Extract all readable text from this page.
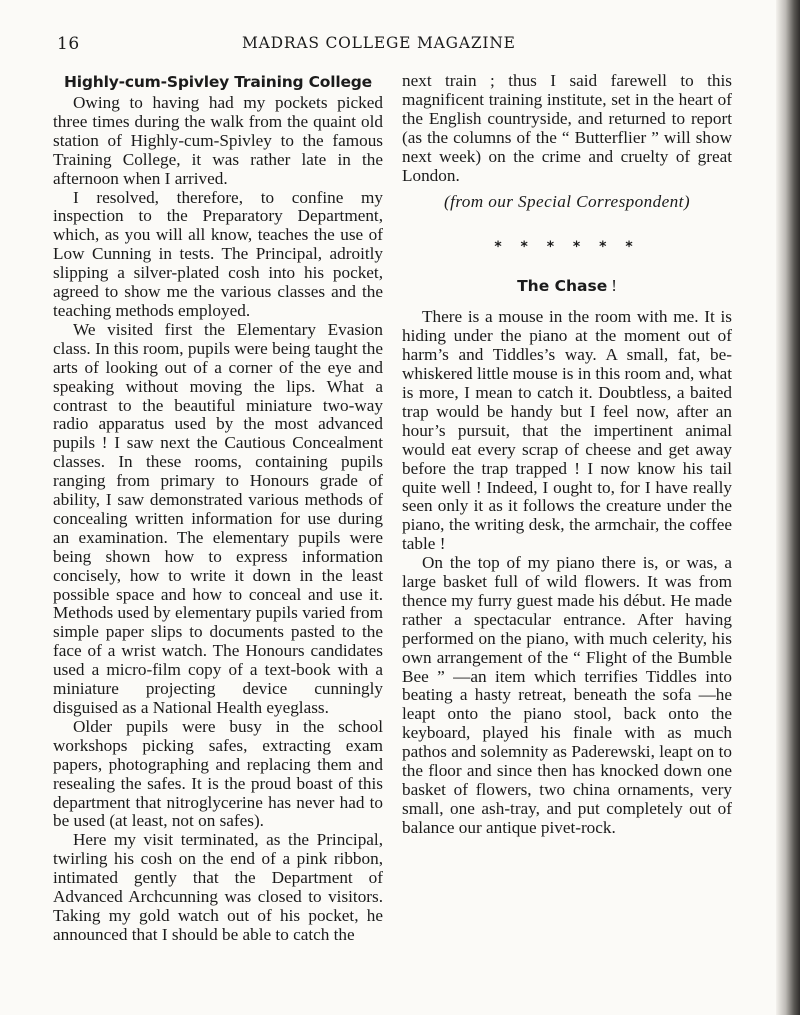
16	MADRAS COLLEGE MAGAZINE
Highly-cum-Spivley Training College

Owing to having had my pockets picked three times during the walk from the quaint old station of Highly-cum-Spivley to the famous Training College, it was rather late in the afternoon when I arrived.

I resolved, therefore, to confine my inspection to the Preparatory Department, which, as you will all know, teaches the use of Low Cunning in tests. The Principal, adroitly slipping a silver-plated cosh into his pocket, agreed to show me the various classes and the teaching methods employed.

We visited first the Elementary Evasion class. In this room, pupils were being taught the arts of looking out of a corner of the eye and speaking without moving the lips. What a contrast to the beautiful miniature two-way radio apparatus used by the most advanced pupils ! I saw next the Cautious Concealment classes. In these rooms, containing pupils ranging from primary to Honours grade of ability, I saw demonstrated various methods of concealing written information for use during an examination. The elementary pupils were being shown how to express information concisely, how to write it down in the least possible space and how to conceal and use it. Methods used by elementary pupils varied from simple paper slips to documents pasted to the face of a wrist watch. The Honours candidates used a micro-film copy of a text-book with a miniature projecting device cunningly disguised as a National Health eyeglass.

Older pupils were busy in the school workshops picking safes, extracting exam papers, photographing and replacing them and resealing the safes. It is the proud boast of this department that nitroglycerine has never had to be used (at least, not on safes).

Here my visit terminated, as the Principal, twirling his cosh on the end of a pink ribbon, intimated gently that the Department of Advanced Archcunning was closed to visitors. Taking my gold watch out of his pocket, he announced that I should be able to catch the

next train ; thus I said farewell to this magnificent training institute, set in the heart of the English countryside, and returned to report (as the columns of the “ Butterflier ” will show next week) on the crime and cruelty of great London.

(from our Special Correspondent)

* * * * * *
The Chase !

There is a mouse in the room with me. It is hiding under the piano at the moment out of harm’s and Tiddles’s way. A small, fat, be-whiskered little mouse is in this room and, what is more, I mean to catch it. Doubtless, a baited trap would be handy but I feel now, after an hour’s pursuit, that the impertinent animal would eat every scrap of cheese and get away before the trap trapped ! I now know his tail quite well ! Indeed, I ought to, for I have really seen only it as it follows the creature under the piano, the writing desk, the armchair, the coffee table !

On the top of my piano there is, or was, a large basket full of wild flowers. It was from thence my furry guest made his début. He made rather a spectacular entrance. After having performed on the piano, with much celerity, his own arrangement of the “ Flight of the Bumble Bee ” —an item which terrifies Tiddles into beating a hasty retreat, beneath the sofa —he leapt onto the piano stool, back onto the keyboard, played his finale with as much pathos and solemnity as Paderewski, leapt on to the floor and since then has knocked down one basket of flowers, two china ornaments, very small, one ash-tray, and put completely out of balance our antique pivet-rock.
